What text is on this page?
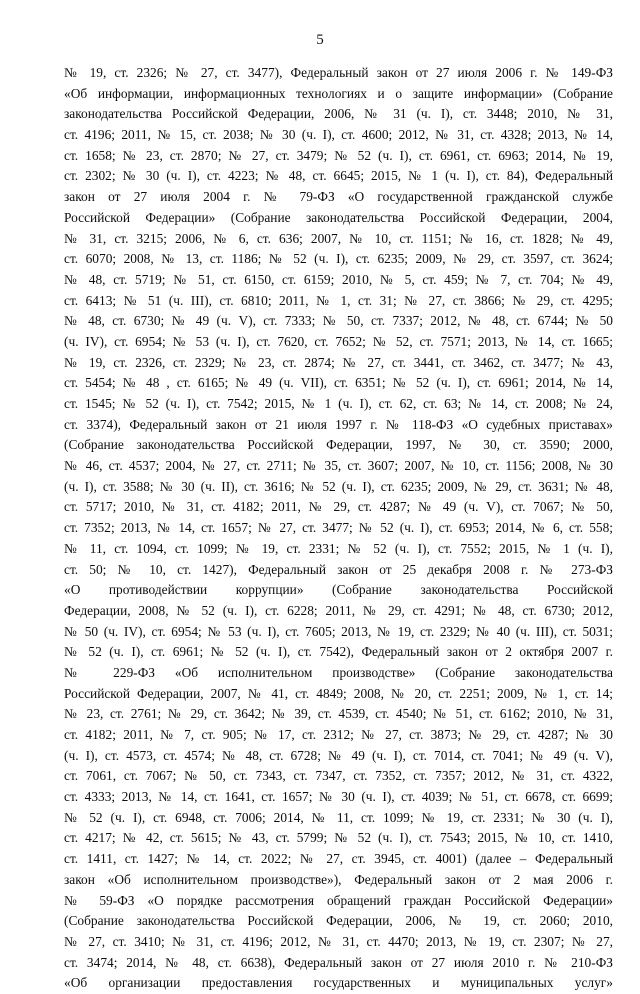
5
№ 19, ст. 2326; № 27, ст. 3477), Федеральный закон от 27 июля 2006 г. № 149-ФЗ
«Об информации, информационных технологиях и о защите информации» (Собрание
законодательства Российской Федерации, 2006, № 31 (ч. I), ст. 3448; 2010, № 31,
ст. 4196; 2011, № 15, ст. 2038; № 30 (ч. I), ст. 4600; 2012, № 31, ст. 4328; 2013, № 14,
ст. 1658; № 23, ст. 2870; № 27, ст. 3479; № 52 (ч. I), ст. 6961, ст. 6963; 2014, № 19,
ст. 2302; № 30 (ч. I), ст. 4223; № 48, ст. 6645; 2015, № 1 (ч. I), ст. 84), Федеральный
закон от 27 июля 2004 г. № 79-ФЗ «О государственной гражданской службе
Российской Федерации» (Собрание законодательства Российской Федерации, 2004,
№ 31, ст. 3215; 2006, № 6, ст. 636; 2007, № 10, ст. 1151; № 16, ст. 1828; № 49,
ст. 6070; 2008, № 13, ст. 1186; № 52 (ч. I), ст. 6235; 2009, № 29, ст. 3597, ст. 3624;
№ 48, ст. 5719; № 51, ст. 6150, ст. 6159; 2010, № 5, ст. 459; № 7, ст. 704; № 49,
ст. 6413; № 51 (ч. III), ст. 6810; 2011, № 1, ст. 31; № 27, ст. 3866; № 29, ст. 4295;
№ 48, ст. 6730; № 49 (ч. V), ст. 7333; № 50, ст. 7337; 2012, № 48, ст. 6744; № 50
(ч. IV), ст. 6954; № 53 (ч. I), ст. 7620, ст. 7652; № 52, ст. 7571; 2013, № 14, ст. 1665;
№ 19, ст. 2326, ст. 2329; № 23, ст. 2874; № 27, ст. 3441, ст. 3462, ст. 3477; № 43,
ст. 5454; № 48 , ст. 6165; № 49 (ч. VII), ст. 6351; № 52 (ч. I), ст. 6961; 2014, № 14,
ст. 1545; № 52 (ч. I), ст. 7542; 2015, № 1 (ч. I), ст. 62, ст. 63; № 14, ст. 2008; № 24,
ст. 3374), Федеральный закон от 21 июля 1997 г. № 118-ФЗ «О судебных приставах»
(Собрание законодательства Российской Федерации, 1997, № 30, ст. 3590; 2000,
№ 46, ст. 4537; 2004, № 27, ст. 2711; № 35, ст. 3607; 2007, № 10, ст. 1156; 2008, № 30
(ч. I), ст. 3588; № 30 (ч. II), ст. 3616; № 52 (ч. I), ст. 6235; 2009, № 29, ст. 3631; № 48,
ст. 5717; 2010, № 31, ст. 4182; 2011, № 29, ст. 4287; № 49 (ч. V), ст. 7067; № 50,
ст. 7352; 2013, № 14, ст. 1657; № 27, ст. 3477; № 52 (ч. I), ст. 6953; 2014, № 6, ст. 558;
№ 11, ст. 1094, ст. 1099; № 19, ст. 2331; № 52 (ч. I), ст. 7552; 2015, № 1 (ч. I),
ст. 50; № 10, ст. 1427), Федеральный закон от 25 декабря 2008 г. № 273-ФЗ
«О противодействии коррупции» (Собрание законодательства Российской
Федерации, 2008, № 52 (ч. I), ст. 6228; 2011, № 29, ст. 4291; № 48, ст. 6730; 2012,
№ 50 (ч. IV), ст. 6954; № 53 (ч. I), ст. 7605; 2013, № 19, ст. 2329; № 40 (ч. III), ст. 5031;
№ 52 (ч. I), ст. 6961; № 52 (ч. I), ст. 7542), Федеральный закон от 2 октября 2007 г.
№ 229-ФЗ «Об исполнительном производстве» (Собрание законодательства
Российской Федерации, 2007, № 41, ст. 4849; 2008, № 20, ст. 2251; 2009, № 1, ст. 14;
№ 23, ст. 2761; № 29, ст. 3642; № 39, ст. 4539, ст. 4540; № 51, ст. 6162; 2010, № 31,
ст. 4182; 2011, № 7, ст. 905; № 17, ст. 2312; № 27, ст. 3873; № 29, ст. 4287; № 30
(ч. I), ст. 4573, ст. 4574; № 48, ст. 6728; № 49 (ч. I), ст. 7014, ст. 7041; № 49 (ч. V),
ст. 7061, ст. 7067; № 50, ст. 7343, ст. 7347, ст. 7352, ст. 7357; 2012, № 31, ст. 4322,
ст. 4333; 2013, № 14, ст. 1641, ст. 1657; № 30 (ч. I), ст. 4039; № 51, ст. 6678, ст. 6699;
№ 52 (ч. I), ст. 6948, ст. 7006; 2014, № 11, ст. 1099; № 19, ст. 2331; № 30 (ч. I),
ст. 4217; № 42, ст. 5615; № 43, ст. 5799; № 52 (ч. I), ст. 7543; 2015, № 10, ст. 1410,
ст. 1411, ст. 1427; № 14, ст. 2022; № 27, ст. 3945, ст. 4001) (далее – Федеральный
закон «Об исполнительном производстве»), Федеральный закон от 2 мая 2006 г.
№ 59-ФЗ «О порядке рассмотрения обращений граждан Российской Федерации»
(Собрание законодательства Российской Федерации, 2006, № 19, ст. 2060; 2010,
№ 27, ст. 3410; № 31, ст. 4196; 2012, № 31, ст. 4470; 2013, № 19, ст. 2307; № 27,
ст. 3474; 2014, № 48, ст. 6638), Федеральный закон от 27 июля 2010 г. № 210-ФЗ
«Об организации предоставления государственных и муниципальных услуг»
